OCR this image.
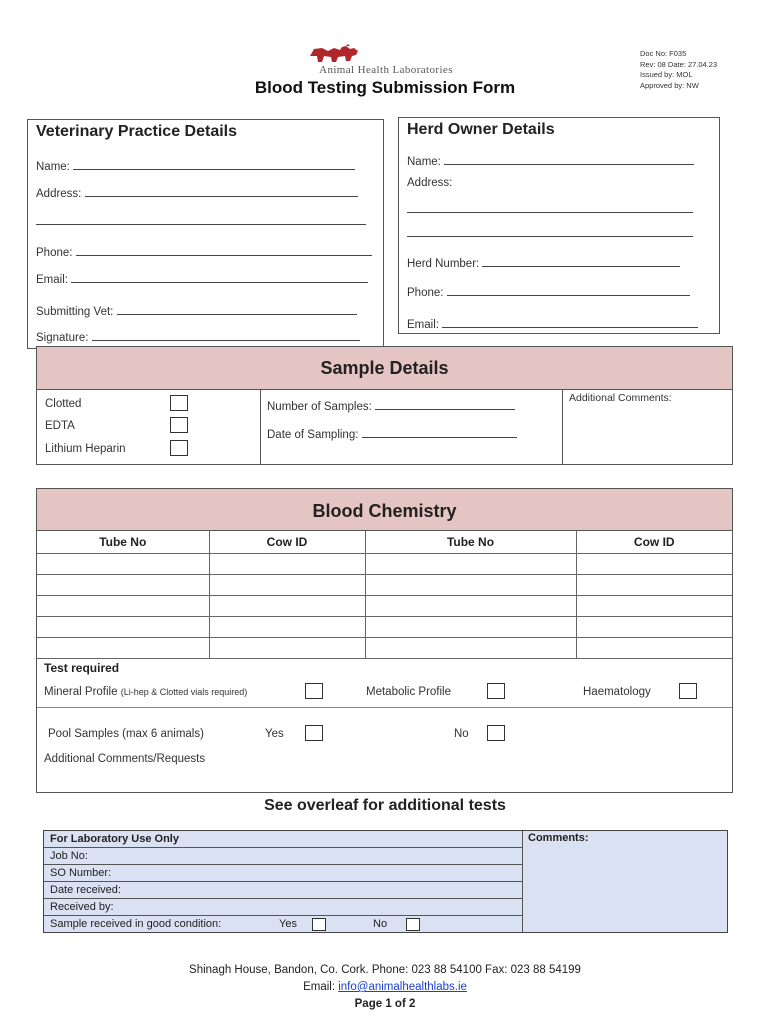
Animal Health Laboratories
Blood Testing Submission Form
Doc No: F035
Rev: 08 Date: 27.04.23
Issued by: MOL
Approved by: NW
Veterinary Practice Details
Name:
Address:
Phone:
Email:
Submitting Vet:
Signature:
Herd Owner Details
Name:
Address:
Herd Number:
Phone:
Email:
Sample Details
Clotted
EDTA
Lithium Heparin
Number of Samples:
Date of Sampling:
Additional Comments:
Blood Chemistry
Tube No	Cow ID	Tube No	Cow ID

Test required
Mineral Profile (Li-hep & Clotted vials required)	Metabolic Profile	Haematology
Pool Samples (max 6 animals)	Yes	No
Additional Comments/Requests
See overleaf for additional tests
For Laboratory Use Only
Job No:
SO Number:
Date received:
Received by:
Sample received in good condition:	Yes	No
Comments:
Shinagh House, Bandon, Co. Cork. Phone: 023 88 54100 Fax: 023 88 54199
Email: info@animalhealthlabs.ie
Page 1 of 2
